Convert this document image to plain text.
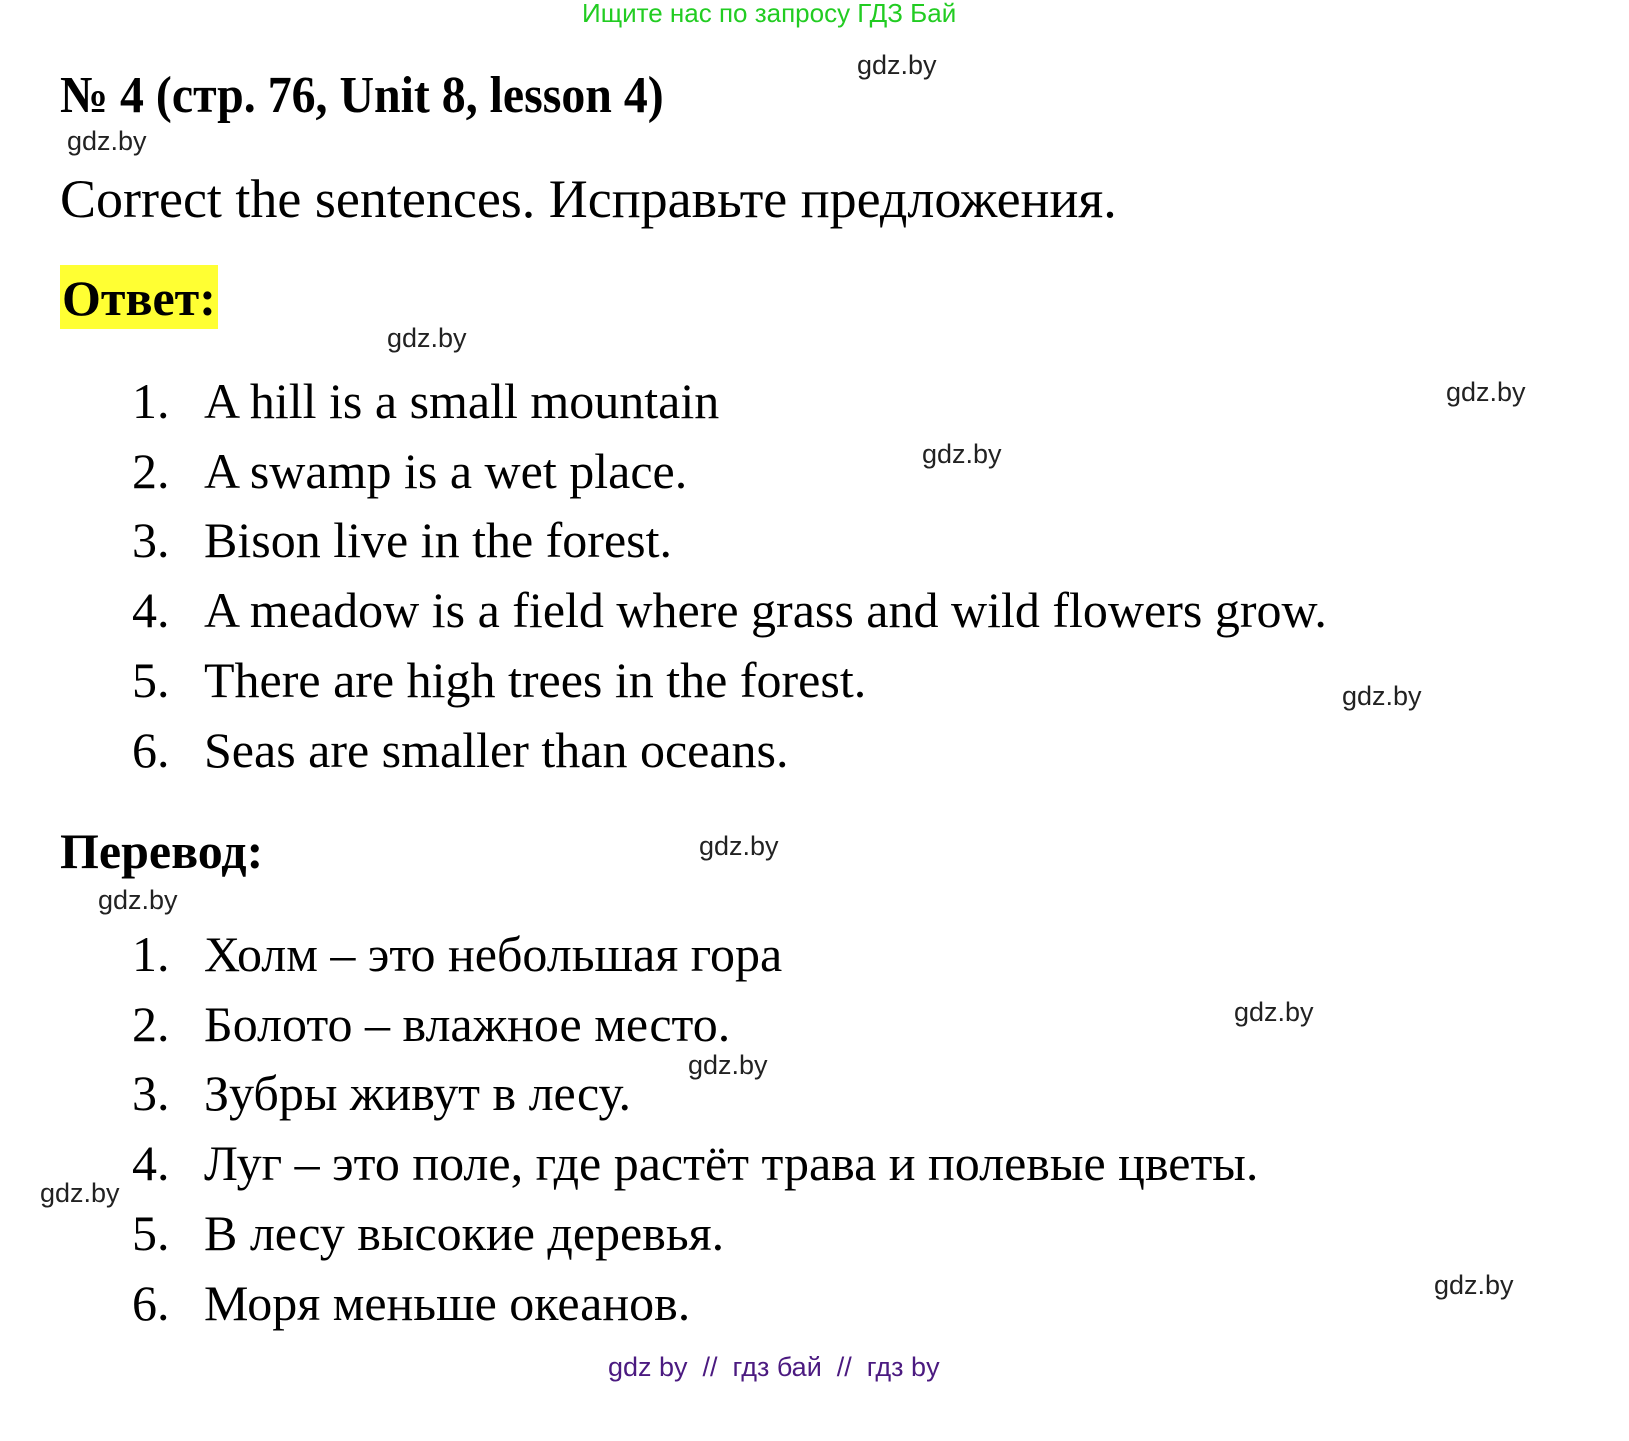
Ищите нас по запросу ГДЗ Бай
№ 4 (стр. 76, Unit 8, lesson 4)
Correct the sentences. Исправьте предложения.
Ответ:
1. A hill is a small mountain
2. A swamp is a wet place.
3. Bison live in the forest.
4. A meadow is a field where grass and wild flowers grow.
5. There are high trees in the forest.
6. Seas are smaller than oceans.
Перевод:
1. Холм – это небольшая гора
2. Болото – влажное место.
3. Зубры живут в лесу.
4. Луг – это поле, где растёт трава и полевые цветы.
5. В лесу высокие деревья.
6. Моря меньше океанов.
gdz.by
gdz.by
gdz.by
gdz.by
gdz.by
gdz.by
gdz.by
gdz.by
gdz.by
gdz.by
gdz.by
gdz.by
gdz by  //  гдз бай  //  гдз by
